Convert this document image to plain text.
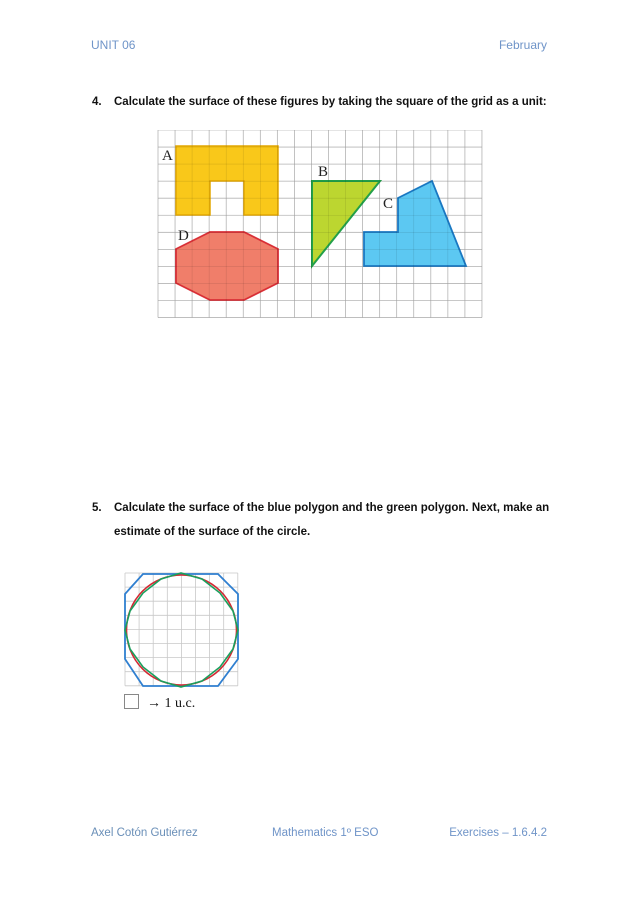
UNIT 06	February
4. Calculate the surface of these figures by taking the square of the grid as a unit:
A
B
C
D
5. Calculate the surface of the blue polygon and the green polygon. Next, make an
estimate of the surface of the circle.
→ 1 u.c.
Axel Cotón Gutiérrez	Mathematics 1º ESO	Exercises – 1.6.4.2
